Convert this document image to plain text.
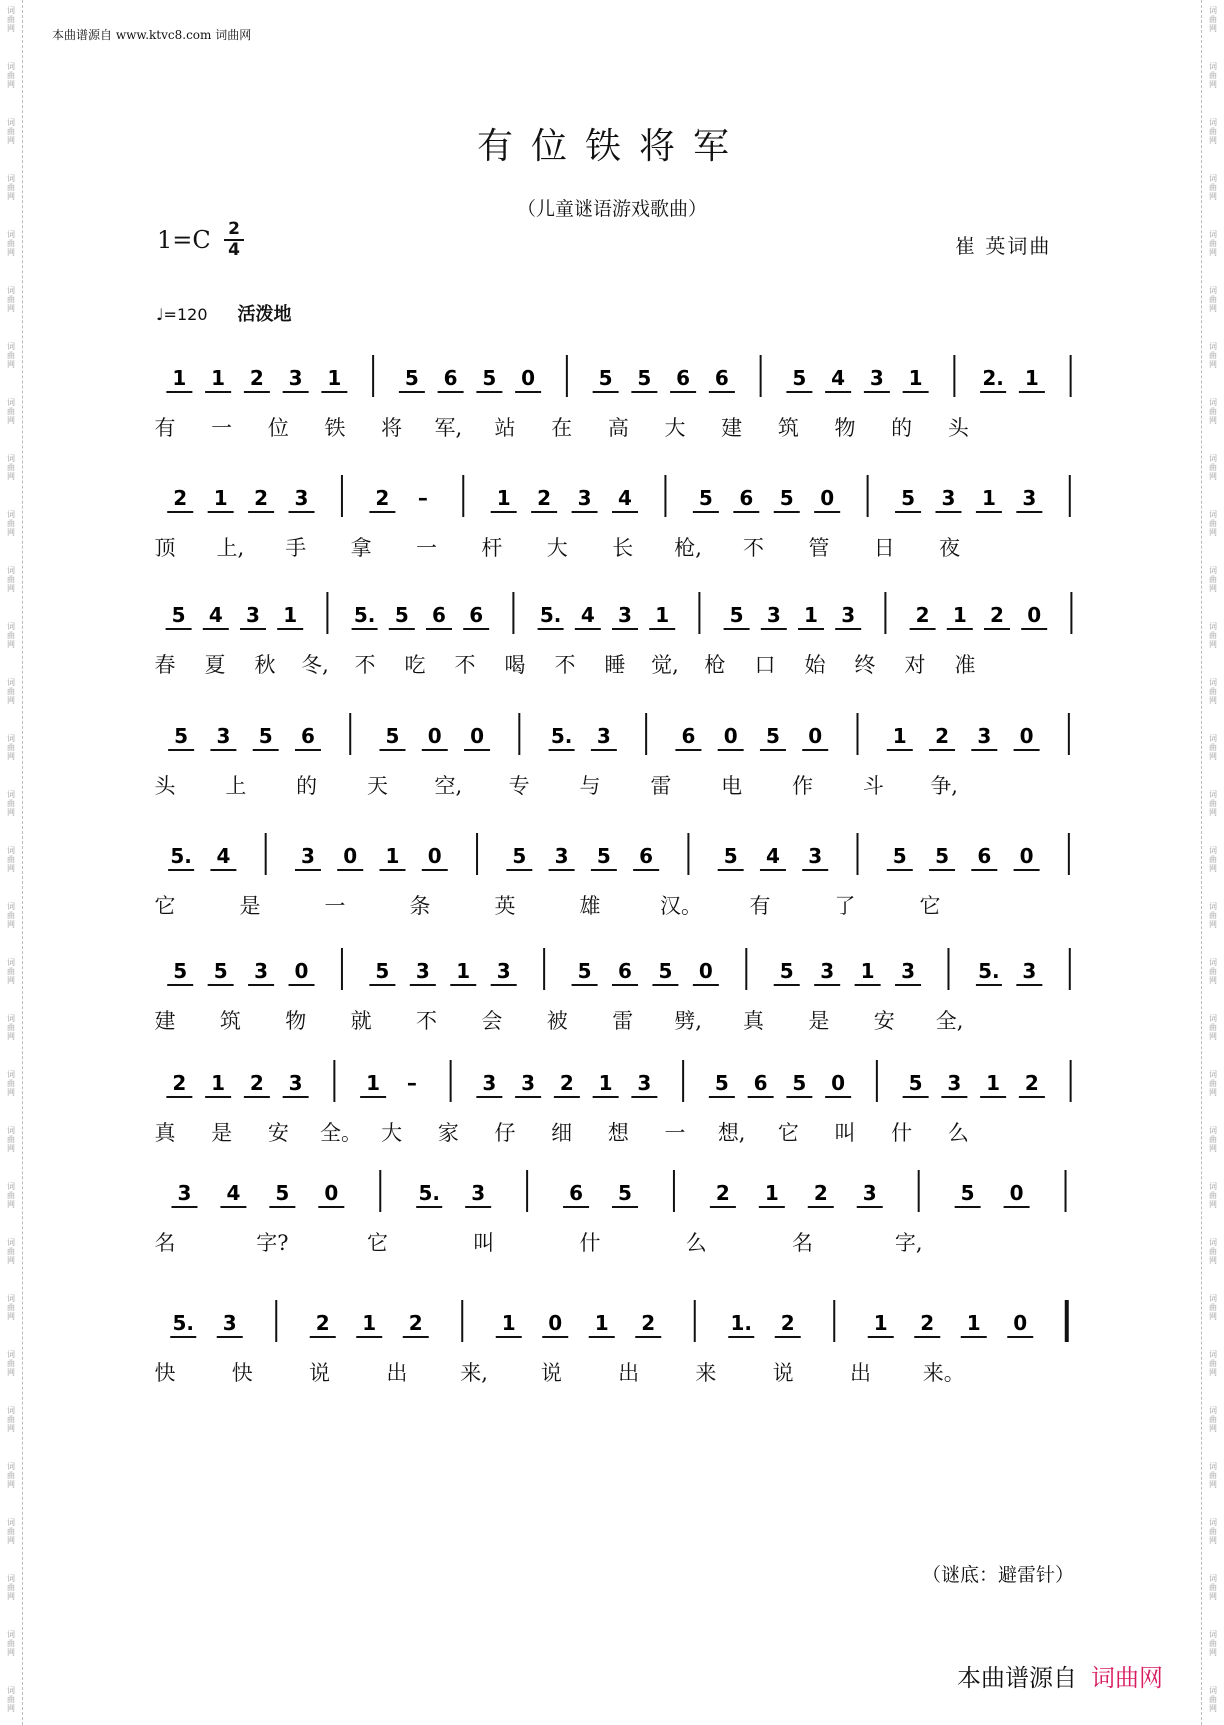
词
曲
网
词
曲
网
词
曲
网
词
曲
网
词
曲
网
词
曲
网
词
曲
网
词
曲
网
词
曲
网
词
曲
网
词
曲
网
词
曲
网
词
曲
网
词
曲
网
词
曲
网
词
曲
网
词
曲
网
词
曲
网
词
曲
网
词
曲
网
词
曲
网
词
曲
网
词
曲
网
词
曲
网
词
曲
网
词
曲
网
词
曲
网
词
曲
网
词
曲
网
词
曲
网
词
曲
网
词
曲
网
词
曲
网
词
曲
网
词
曲
网
词
曲
网
词
曲
网
词
曲
网
词
曲
网
词
曲
网
词
曲
网
词
曲
网
词
曲
网
词
曲
网
词
曲
网
词
曲
网
词
曲
网
词
曲
网
词
曲
网
词
曲
网
词
曲
网
词
曲
网
词
曲
网
词
曲
网
词
曲
网
词
曲
网
词
曲
网
词
曲
网
词
曲
网
词
曲
网
词
曲
网
词
曲
网
本曲谱源自 www.ktvc8.com 词曲网
有位铁将军
（儿童谜语游戏歌曲）
1=C 2
4	崔 英词曲
♩=120 活泼地
1 1 2 3 1	5 6 5 0	5 5 6 6	5 4 3 1	2. 1
有 一 位 铁 将 军, 站 在 高 大 建 筑 物 的 头
2 1 2 3	2 –	1 2 3 4	5 6 5 0	5 3 1 3
顶 上, 手 拿 一 杆 大 长 枪, 不 管 日 夜
5 4 3 1	5. 5 6 6	5. 4 3 1	5 3 1 3	2 1 2 0
春 夏 秋 冬, 不 吃 不 喝 不 睡 觉, 枪 口 始 终 对 准
5 3 5 6	5 0 0	5. 3	6 0 5 0	1 2 3 0
头 上 的 天 空, 专 与 雷 电 作 斗 争,
5. 4	3 0 1 0	5 3 5 6	5 4 3	5 5 6 0
它	是	一	条	英	雄	汉。 有	了	它
5 5 3 0	5 3 1 3	5 6 5 0	5 3 1 3	5. 3
建 筑 物 就 不 会 被 雷 劈, 真 是 安 全,
2 1 2 3	1 –	3 3 2 1 3	5 6 5 0	5 3 1 2
真 是 安 全。 大 家 仔 细 想 一 想, 它 叫 什 么
3 4 5 0	5. 3	6 5	2 1 2 3	5 0
名	字?	它	叫	什	么	名	字,
5. 3	2 1 2	1 0 1 2	1. 2	1 2 1 0
快	快	说	出	来,	说	出	来	说	出 来。
（谜底：避雷针）
本曲谱源自 词曲网
